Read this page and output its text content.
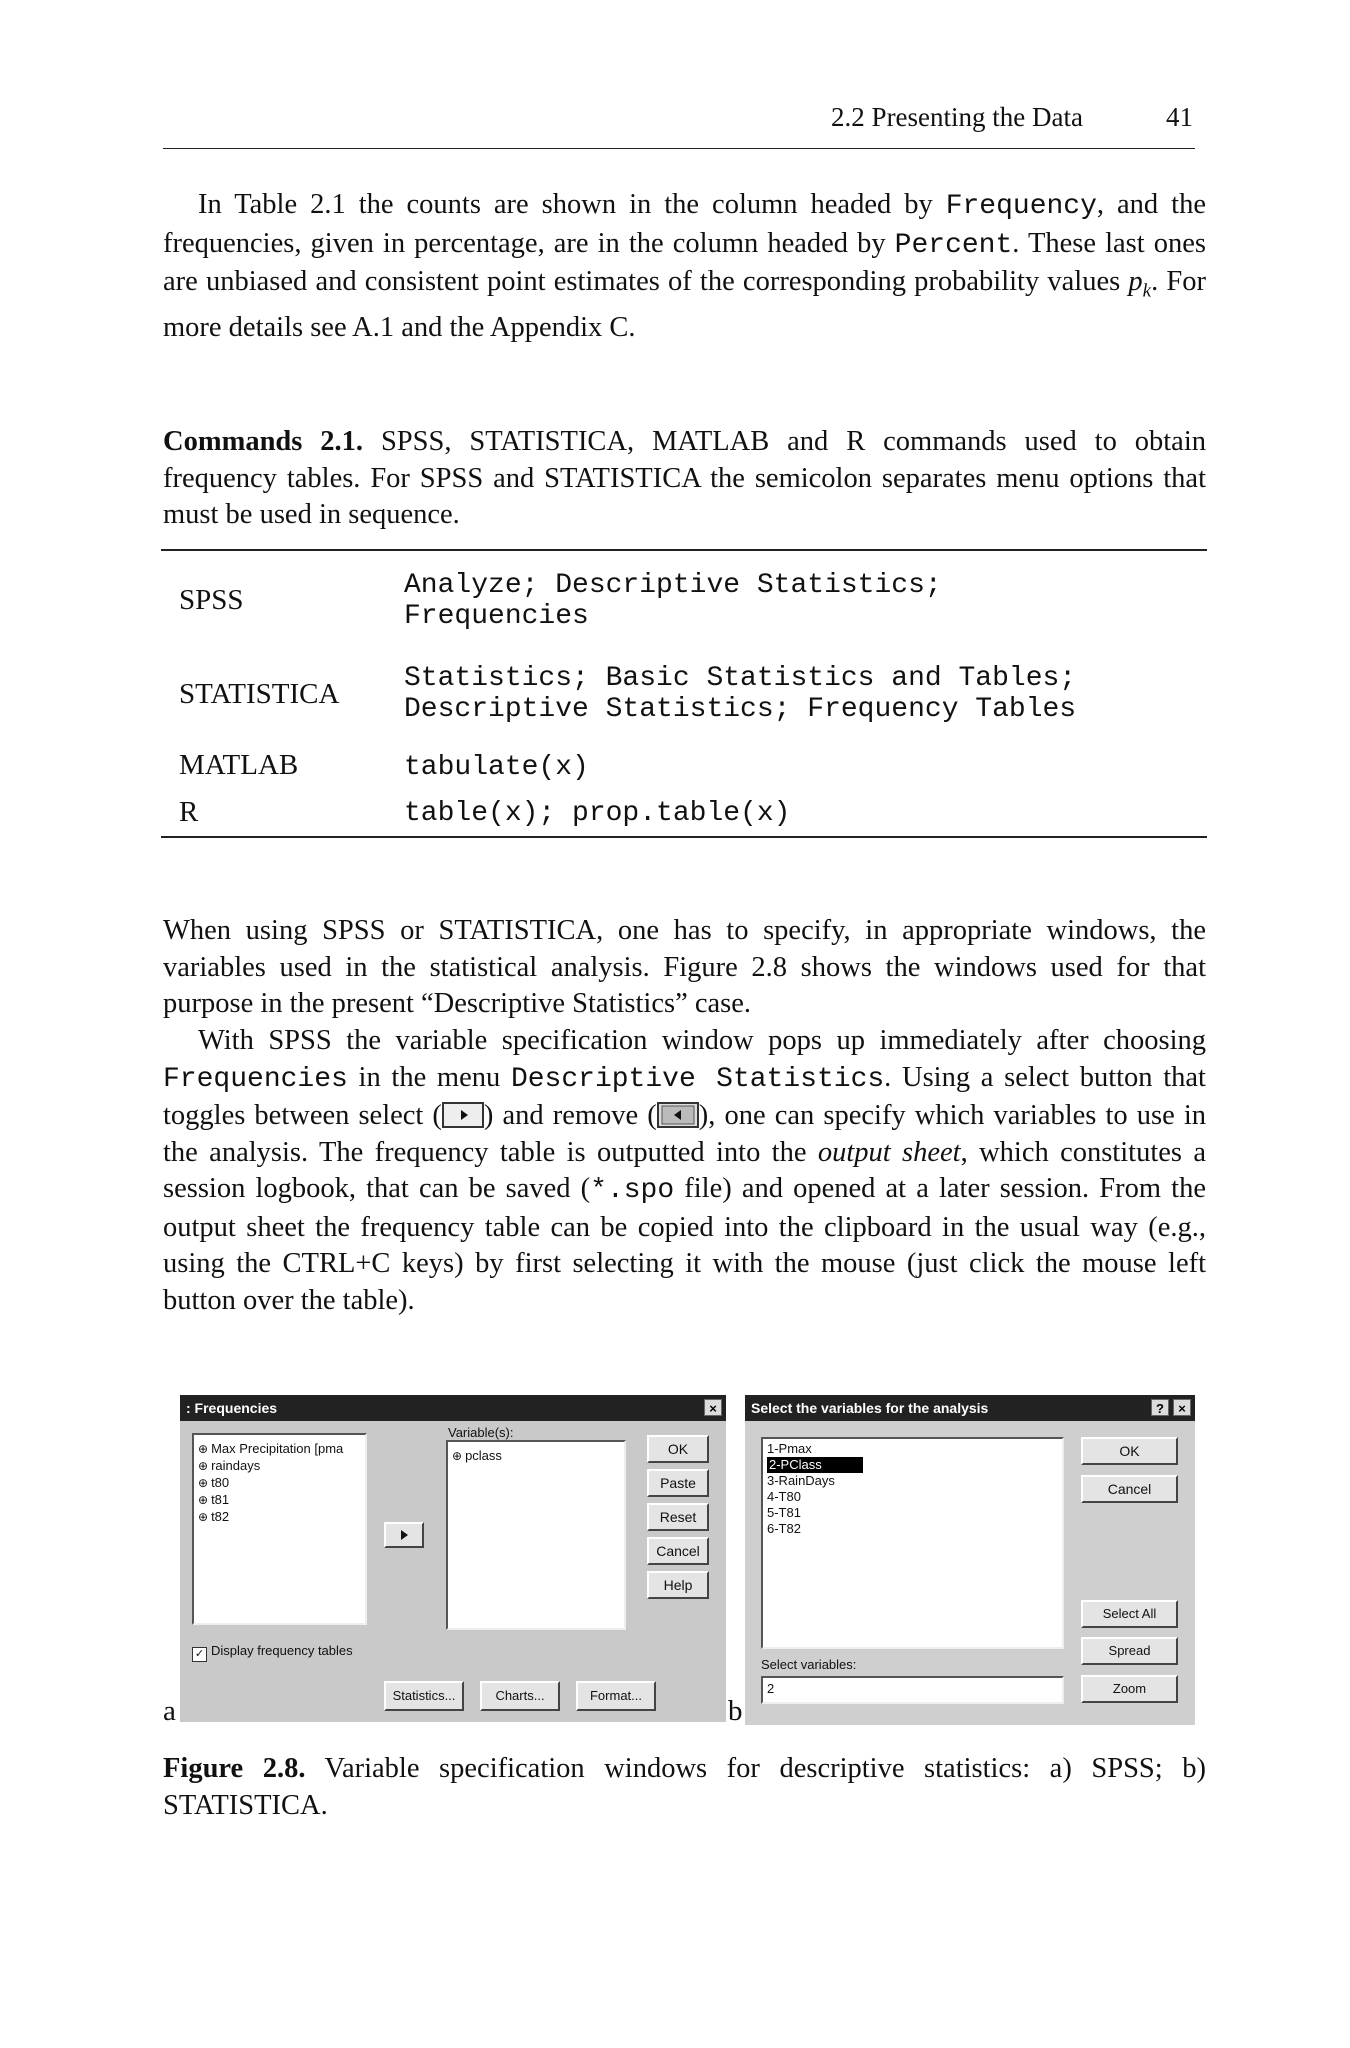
2.2 Presenting the Data	41
In Table 2.1 the counts are shown in the column headed by Frequency, and the frequencies, given in percentage, are in the column headed by Percent. These last ones are unbiased and consistent point estimates of the corresponding probability values $p_k$. For more details see A.1 and the Appendix C.
Commands 2.1. SPSS, STATISTICA, MATLAB and R commands used to obtain frequency tables. For SPSS and STATISTICA the semicolon separates menu options that must be used in sequence.
SPSS	Analyze; Descriptive Statistics;
Frequencies
STATISTICA Statistics; Basic Statistics and Tables;
Descriptive Statistics; Frequency Tables
MATLAB	tabulate(x)
R	table(x); prop.table(x)
When using SPSS or STATISTICA, one has to specify, in appropriate windows, the variables used in the statistical analysis. Figure 2.8 shows the windows used for that purpose in the present “Descriptive Statistics” case.
With SPSS the variable specification window pops up immediately after choosing Frequencies in the menu Descriptive Statistics. Using a select button that toggles between select ( ) and remove ( ), one can specify which variables to use in the analysis. The frequency table is outputted into the output sheet, which constitutes a session logbook, that can be saved (*.spo file) and opened at a later session. From the output sheet the frequency table can be copied into the clipboard in the usual way (e.g., using the CTRL+C keys) by first selecting it with the mouse (just click the mouse left button over the table).
a	b
: Frequencies	×
⊕ Max Precipitation [pma
⊕ raindays
⊕ t80
⊕ t81
⊕ t82
Variable(s):
⊕ pclass	OK
Paste
Reset
Cancel
Help
✓ Display frequency tables
Statistics...	Charts...	Format...
Select the variables for the analysis	?	×
1-Pmax
2-PClass
3-RainDays
4-T80
5-T81
6-T82
OK
Cancel
Select All
Spread
Zoom
Select variables:
2
Figure 2.8. Variable specification windows for descriptive statistics: a) SPSS; b) STATISTICA.
